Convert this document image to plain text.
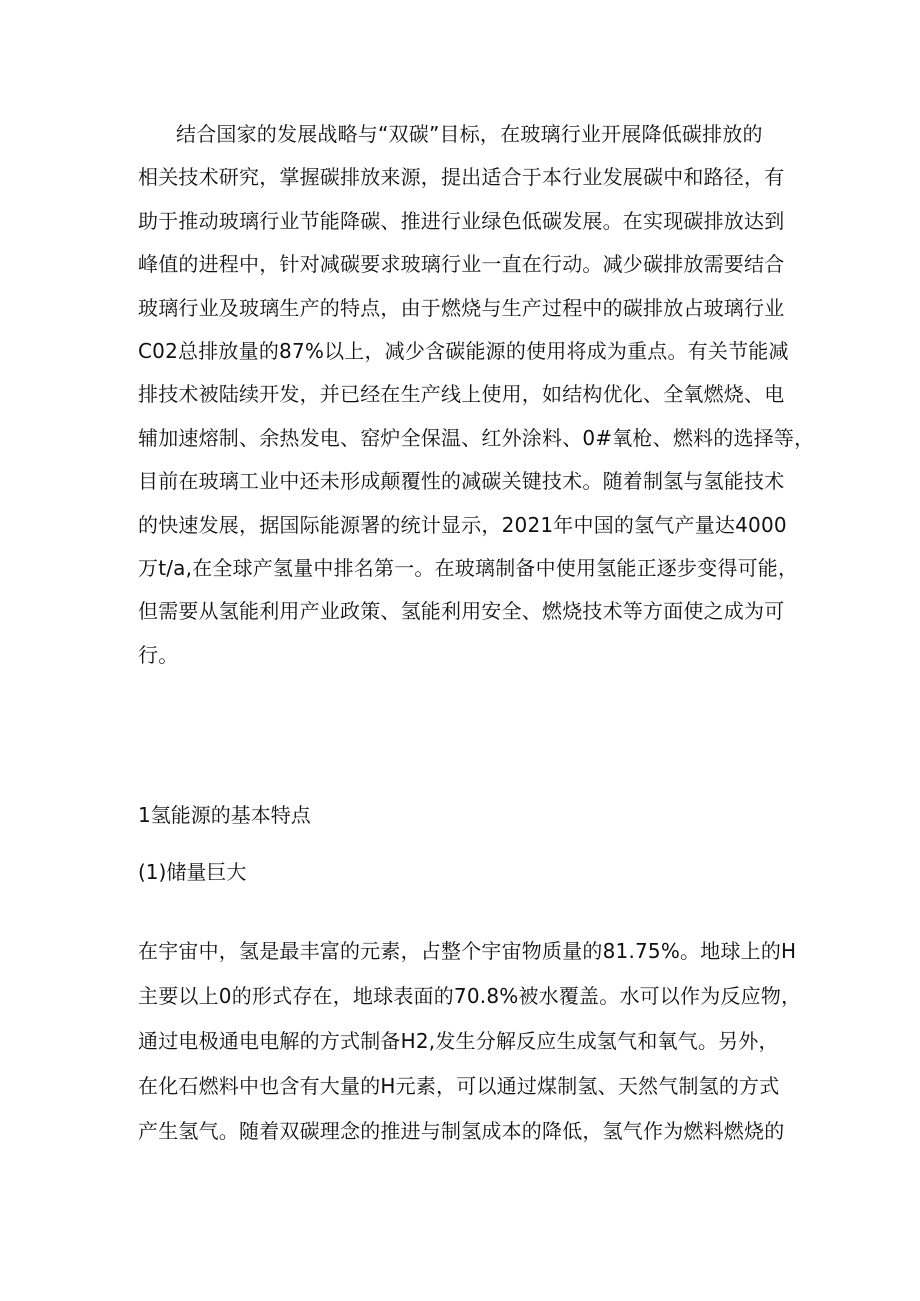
结合国家的发展战略与“双碳”目标，在玻璃行业开展降低碳排放的
相关技术研究，掌握碳排放来源，提出适合于本行业发展碳中和路径，有
助于推动玻璃行业节能降碳、推进行业绿色低碳发展。在实现碳排放达到
峰值的进程中，针对减碳要求玻璃行业一直在行动。减少碳排放需要结合
玻璃行业及玻璃生产的特点，由于燃烧与生产过程中的碳排放占玻璃行业
C02总排放量的87%以上，减少含碳能源的使用将成为重点。有关节能减
排技术被陆续开发，并已经在生产线上使用，如结构优化、全氧燃烧、电
辅加速熔制、余热发电、窑炉全保温、红外涂料、0#氧枪、燃料的选择等，
目前在玻璃工业中还未形成颠覆性的减碳关键技术。随着制氢与氢能技术
的快速发展，据国际能源署的统计显示，2021年中国的氢气产量达4000
万t/a,在全球产氢量中排名第一。在玻璃制备中使用氢能正逐步变得可能，
但需要从氢能利用产业政策、氢能利用安全、燃烧技术等方面使之成为可
行。
1氢能源的基本特点
(1)储量巨大
在宇宙中，氢是最丰富的元素，占整个宇宙物质量的81.75%。地球上的H
主要以上0的形式存在，地球表面的70.8%被水覆盖。水可以作为反应物，
通过电极通电电解的方式制备H2,发生分解反应生成氢气和氧气。另外，
在化石燃料中也含有大量的H元素，可以通过煤制氢、天然气制氢的方式
产生氢气。随着双碳理念的推进与制氢成本的降低，氢气作为燃料燃烧的
